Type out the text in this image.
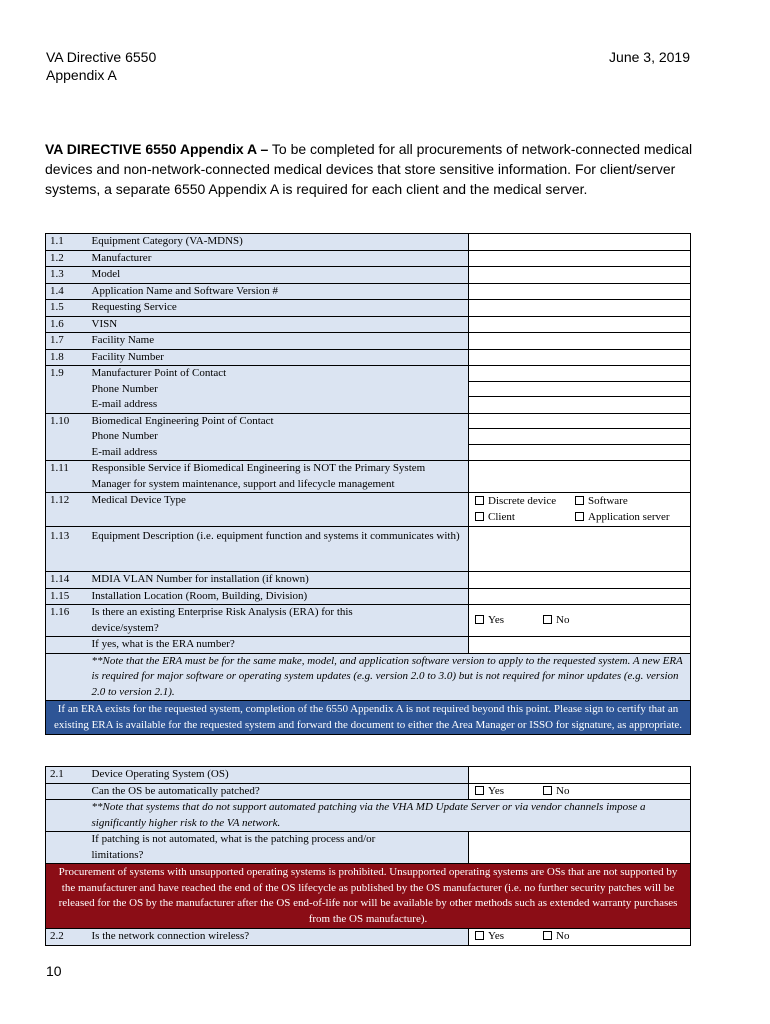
VA Directive 6550
Appendix A
June 3, 2019
VA DIRECTIVE 6550 Appendix A – To be completed for all procurements of network-connected medical devices and non-network-connected medical devices that store sensitive information. For client/server systems, a separate 6550 Appendix A is required for each client and the medical server.
1.1	Equipment Category (VA-MDNS)	
1.2	Manufacturer	
1.3	Model	
1.4	Application Name and Software Version #	
1.5	Requesting Service	
1.6	VISN	
1.7	Facility Name	
1.8	Facility Number	
1.9	Manufacturer Point of Contact
Phone Number
E-mail address	

1.10	Biomedical Engineering Point of Contact
Phone Number
E-mail address	

1.11	Responsible Service if Biomedical Engineering is NOT the Primary System Manager for system maintenance, support and lifecycle management	
1.12	Medical Device Type	Discrete device Software
Client Application server

1.13	Equipment Description (i.e. equipment function and systems it communicates with)	
1.14	MDIA VLAN Number for installation (if known)	
1.15	Installation Location (Room, Building, Division)	
1.16	Is there an existing Enterprise Risk Analysis (ERA) for this device/system?	Yes No
	If yes, what is the ERA number?	
	**Note that the ERA must be for the same make, model, and application software version to apply to the requested system. A new ERA is required for major software or operating system updates (e.g. version 2.0 to 3.0) but is not required for minor updates (e.g. version 2.0 to version 2.1).	
If an ERA exists for the requested system, completion of the 6550 Appendix A is not required beyond this point. Please sign to certify that an existing ERA is available for the requested system and forward the document to either the Area Manager or ISSO for signature, as appropriate.		
2.1	Device Operating System (OS)	
	Can the OS be automatically patched?	Yes No
	**Note that systems that do not support automated patching via the VHA MD Update Server or via vendor channels impose a significantly higher risk to the VA network.	
	If patching is not automated, what is the patching process and/or limitations?	
Procurement of systems with unsupported operating systems is prohibited. Unsupported operating systems are OSs that are not supported by the manufacturer and have reached the end of the OS lifecycle as published by the OS manufacturer (i.e. no further security patches will be released for the OS by the manufacturer after the OS end-of-life nor will be available by other methods such as extended warranty purchases from the OS manufacture).		
2.2	Is the network connection wireless?	Yes No
10
